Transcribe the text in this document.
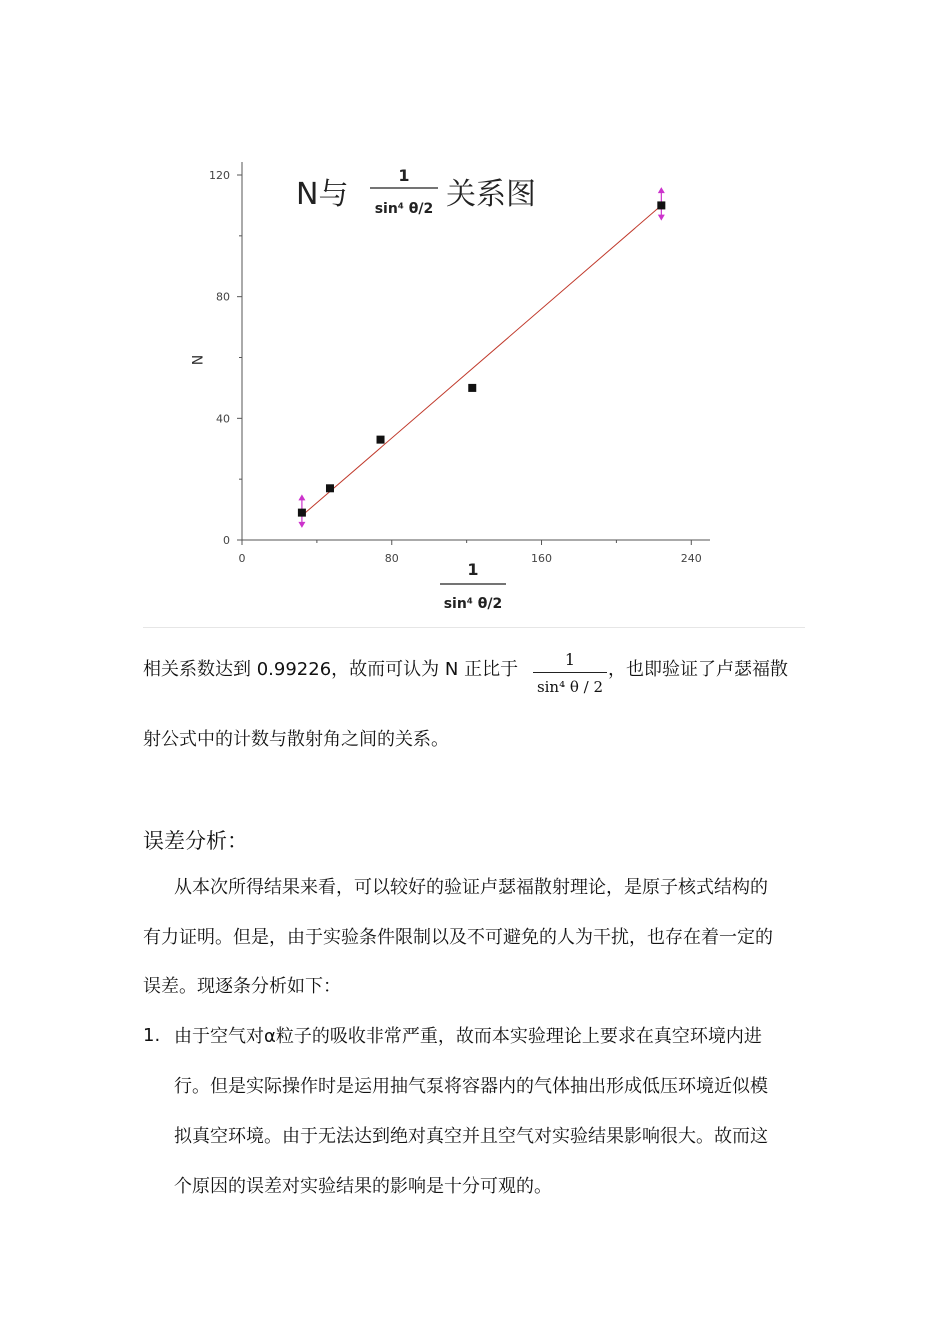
0
40
80
120
0	80	160	240
N与
1
sin⁴ θ/2 关系图
N
1
sin⁴ θ/2
相关系数达到 0.99226，故而可认为 N 正比于	1
sin⁴ θ / 2
，也即验证了卢瑟福散
射公式中的计数与散射角之间的关系。
误差分析：
从本次所得结果来看，可以较好的验证卢瑟福散射理论，是原子核式结构的
有力证明。但是，由于实验条件限制以及不可避免的人为干扰，也存在着一定的
误差。现逐条分析如下：
1. 由于空气对α粒子的吸收非常严重，故而本实验理论上要求在真空环境内进
行。但是实际操作时是运用抽气泵将容器内的气体抽出形成低压环境近似模
拟真空环境。由于无法达到绝对真空并且空气对实验结果影响很大。故而这
个原因的误差对实验结果的影响是十分可观的。
